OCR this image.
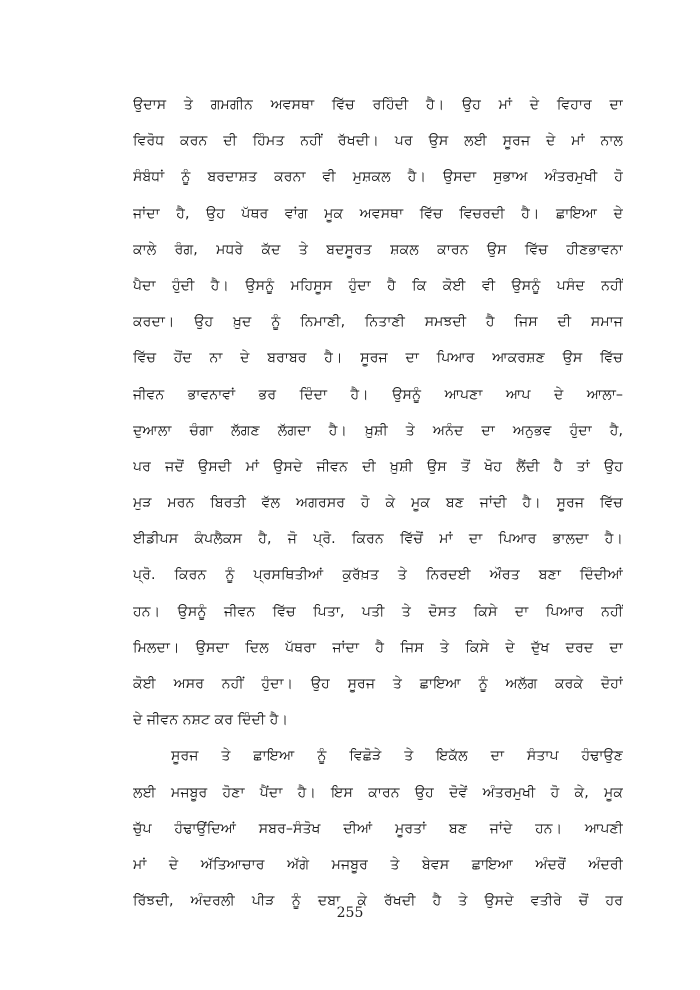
ਉਦਾਸ ਤੇ ਗਮਗੀਨ ਅਵਸਥਾ ਵਿੱਚ ਰਹਿੰਦੀ ਹੈ। ਉਹ ਮਾਂ ਦੇ ਵਿਹਾਰ ਦਾ
ਵਿਰੋਧ ਕਰਨ ਦੀ ਹਿੰਮਤ ਨਹੀਂ ਰੱਖਦੀ। ਪਰ ਉਸ ਲਈ ਸੂਰਜ ਦੇ ਮਾਂ ਨਾਲ
ਸੰਬੰਧਾਂ ਨੂੰ ਬਰਦਾਸ਼ਤ ਕਰਨਾ ਵੀ ਮੁਸ਼ਕਲ ਹੈ। ਉਸਦਾ ਸੁਭਾਅ ਅੰਤਰਮੁਖੀ ਹੋ
ਜਾਂਦਾ ਹੈ, ਉਹ ਪੱਥਰ ਵਾਂਗ ਮੂਕ ਅਵਸਥਾ ਵਿੱਚ ਵਿਚਰਦੀ ਹੈ। ਛਾਇਆ ਦੇ
ਕਾਲੇ ਰੰਗ, ਮਧਰੇ ਕੱਦ ਤੇ ਬਦਸੂਰਤ ਸ਼ਕਲ ਕਾਰਨ ਉਸ ਵਿੱਚ ਹੀਣਭਾਵਨਾ
ਪੈਦਾ ਹੁੰਦੀ ਹੈ। ਉਸਨੂੰ ਮਹਿਸੂਸ ਹੁੰਦਾ ਹੈ ਕਿ ਕੋਈ ਵੀ ਉਸਨੂੰ ਪਸੰਦ ਨਹੀਂ
ਕਰਦਾ। ਉਹ ਖ਼ੁਦ ਨੂੰ ਨਿਮਾਣੀ, ਨਿਤਾਣੀ ਸਮਝਦੀ ਹੈ ਜਿਸ ਦੀ ਸਮਾਜ
ਵਿੱਚ ਹੋਂਦ ਨਾ ਦੇ ਬਰਾਬਰ ਹੈ। ਸੂਰਜ ਦਾ ਪਿਆਰ ਆਕਰਸ਼ਣ ਉਸ ਵਿੱਚ
ਜੀਵਨ ਭਾਵਨਾਵਾਂ ਭਰ ਦਿੰਦਾ ਹੈ। ਉਸਨੂੰ ਆਪਣਾ ਆਪ ਦੇ ਆਲਾ–
ਦੁਆਲਾ ਚੰਗਾ ਲੱਗਣ ਲੱਗਦਾ ਹੈ। ਖ਼ੁਸ਼ੀ ਤੇ ਅਨੰਦ ਦਾ ਅਨੁਭਵ ਹੁੰਦਾ ਹੈ,
ਪਰ ਜਦੋਂ ਉਸਦੀ ਮਾਂ ਉਸਦੇ ਜੀਵਨ ਦੀ ਖ਼ੁਸ਼ੀ ਉਸ ਤੋਂ ਖੋਹ ਲੈਂਦੀ ਹੈ ਤਾਂ ਉਹ
ਮੁੜ ਮਰਨ ਬਿਰਤੀ ਵੱਲ ਅਗਰਸਰ ਹੋ ਕੇ ਮੂਕ ਬਣ ਜਾਂਦੀ ਹੈ। ਸੂਰਜ ਵਿੱਚ
ਈਡੀਪਸ ਕੰਪਲੈਕਸ ਹੈ, ਜੋ ਪ੍ਰੋ. ਕਿਰਨ ਵਿੱਚੋਂ ਮਾਂ ਦਾ ਪਿਆਰ ਭਾਲਦਾ ਹੈ।
ਪ੍ਰੋ. ਕਿਰਨ ਨੂੰ ਪ੍ਰਸਥਿਤੀਆਂ ਕੁਰੱਖ਼ਤ ਤੇ ਨਿਰਦਈ ਔਰਤ ਬਣਾ ਦਿੰਦੀਆਂ
ਹਨ। ਉਸਨੂੰ ਜੀਵਨ ਵਿੱਚ ਪਿਤਾ, ਪਤੀ ਤੇ ਦੋਸਤ ਕਿਸੇ ਦਾ ਪਿਆਰ ਨਹੀਂ
ਮਿਲਦਾ। ਉਸਦਾ ਦਿਲ ਪੱਥਰਾ ਜਾਂਦਾ ਹੈ ਜਿਸ ਤੇ ਕਿਸੇ ਦੇ ਦੁੱਖ ਦਰਦ ਦਾ
ਕੋਈ ਅਸਰ ਨਹੀਂ ਹੁੰਦਾ। ਉਹ ਸੂਰਜ ਤੇ ਛਾਇਆ ਨੂੰ ਅਲੱਗ ਕਰਕੇ ਦੋਹਾਂ
ਦੇ ਜੀਵਨ ਨਸ਼ਟ ਕਰ ਦਿੰਦੀ ਹੈ।
ਸੂਰਜ ਤੇ ਛਾਇਆ ਨੂੰ ਵਿਛੋੜੇ ਤੇ ਇਕੱਲ ਦਾ ਸੰਤਾਪ ਹੰਢਾਉਣ
ਲਈ ਮਜਬੂਰ ਹੋਣਾ ਪੈਂਦਾ ਹੈ। ਇਸ ਕਾਰਨ ਉਹ ਦੋਵੇਂ ਅੰਤਰਮੁਖੀ ਹੋ ਕੇ, ਮੂਕ
ਚੁੱਪ ਹੰਢਾਉਂਦਿਆਂ ਸਬਰ–ਸੰਤੋਖ ਦੀਆਂ ਮੂਰਤਾਂ ਬਣ ਜਾਂਦੇ ਹਨ। ਆਪਣੀ
ਮਾਂ ਦੇ ਅੱਤਿਆਚਾਰ ਅੱਗੇ ਮਜਬੂਰ ਤੇ ਬੇਵਸ ਛਾਇਆ ਅੰਦਰੋਂ ਅੰਦਰੀ
ਰਿੱਝਦੀ, ਅੰਦਰਲੀ ਪੀੜ ਨੂੰ ਦਬਾ ਕੇ ਰੱਖਦੀ ਹੈ ਤੇ ਉਸਦੇ ਵਤੀਰੇ ਚੋਂ ਹਰ
255
